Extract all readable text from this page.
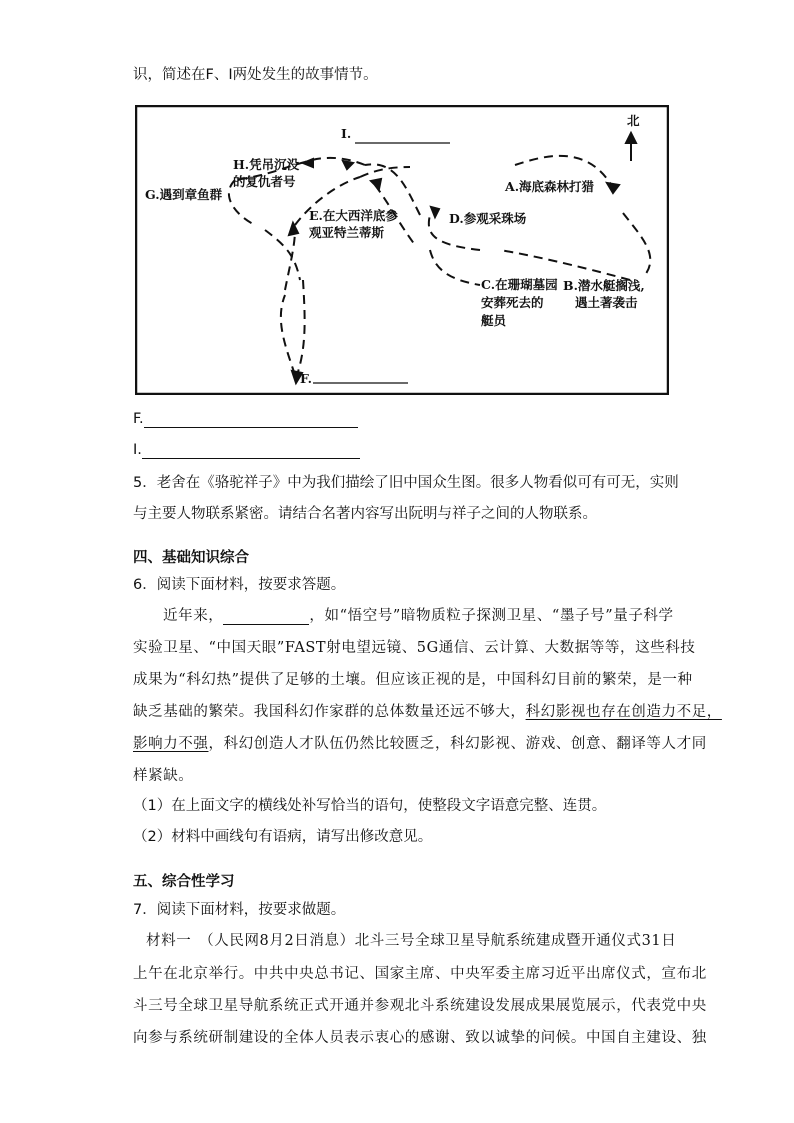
识，简述在F、I两处发生的故事情节。
北
I.
F.
A.海底森林打猎
B.潜水艇搁浅,
遇土著袭击
C.在珊瑚墓园
安葬死去的
艇员
D.参观采珠场
E.在大西洋底参
观亚特兰蒂斯
G.遇到章鱼群
H.凭吊沉没
的复仇者号
F.
I.
5．老舍在《骆驼祥子》中为我们描绘了旧中国众生图。很多人物看似可有可无，实则
与主要人物联系紧密。请结合名著内容写出阮明与祥子之间的人物联系。
四、基础知识综合
6．阅读下面材料，按要求答题。
近年来，	，如“悟空号”暗物质粒子探测卫星、“墨子号”量子科学
实验卫星、“中国天眼”FAST射电望远镜、5G通信、云计算、大数据等等，这些科技
成果为“科幻热”提供了足够的土壤。但应该正视的是，中国科幻目前的繁荣，是一种
缺乏基础的繁荣。我国科幻作家群的总体数量还远不够大，科幻影视也存在创造力不足，
影响力不强，科幻创造人才队伍仍然比较匮乏，科幻影视、游戏、创意、翻译等人才同
样紧缺。
（1）在上面文字的横线处补写恰当的语句，使整段文字语意完整、连贯。
（2）材料中画线句有语病，请写出修改意见。
五、综合性学习
7．阅读下面材料，按要求做题。
材料一　（人民网8月2日消息）北斗三号全球卫星导航系统建成暨开通仪式31日
上午在北京举行。中共中央总书记、国家主席、中央军委主席习近平出席仪式，宣布北
斗三号全球卫星导航系统正式开通并参观北斗系统建设发展成果展览展示，代表党中央
向参与系统研制建设的全体人员表示衷心的感谢、致以诚挚的问候。中国自主建设、独
